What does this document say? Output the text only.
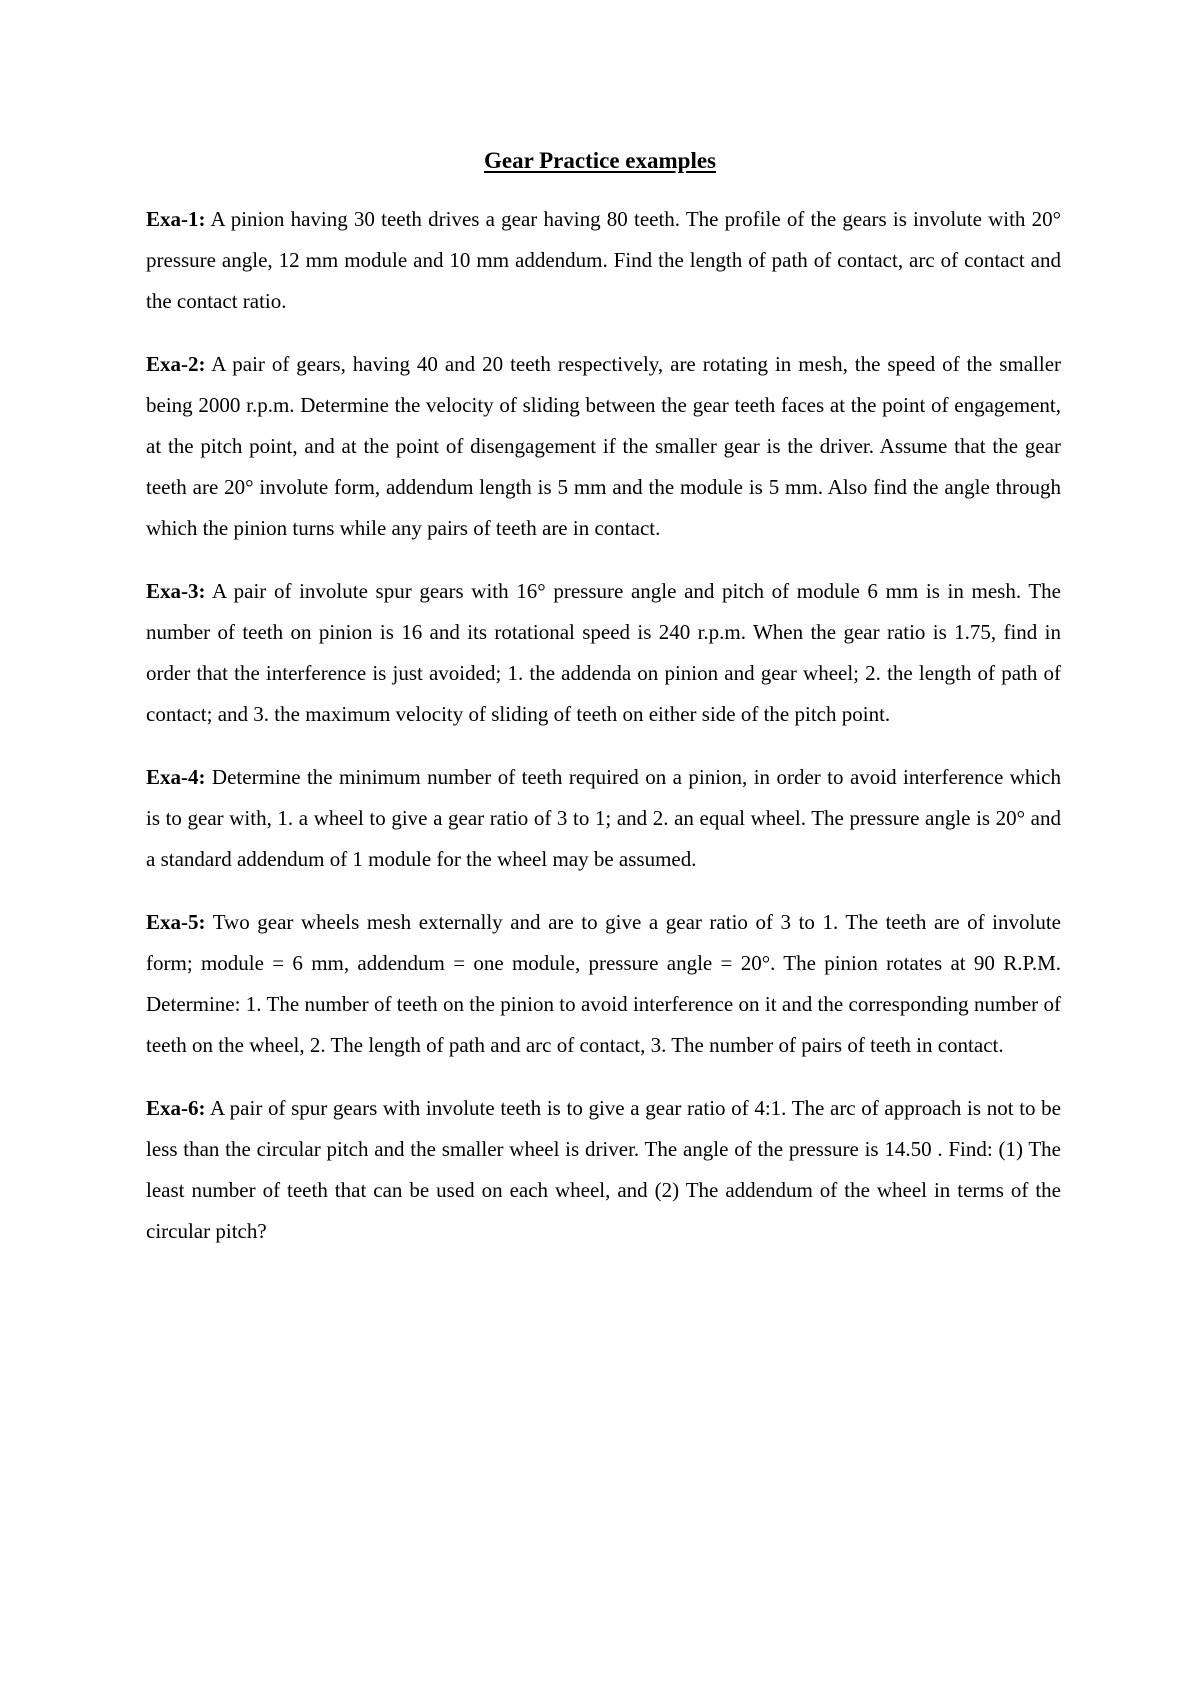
Gear Practice examples

Exa-1: A pinion having 30 teeth drives a gear having 80 teeth. The profile of the gears is involute with 20° pressure angle, 12 mm module and 10 mm addendum. Find the length of path of contact, arc of contact and the contact ratio.

Exa-2: A pair of gears, having 40 and 20 teeth respectively, are rotating in mesh, the speed of the smaller being 2000 r.p.m. Determine the velocity of sliding between the gear teeth faces at the point of engagement, at the pitch point, and at the point of disengagement if the smaller gear is the driver. Assume that the gear teeth are 20° involute form, addendum length is 5 mm and the module is 5 mm. Also find the angle through which the pinion turns while any pairs of teeth are in contact.

Exa-3: A pair of involute spur gears with 16° pressure angle and pitch of module 6 mm is in mesh. The number of teeth on pinion is 16 and its rotational speed is 240 r.p.m. When the gear ratio is 1.75, find in order that the interference is just avoided; 1. the addenda on pinion and gear wheel; 2. the length of path of contact; and 3. the maximum velocity of sliding of teeth on either side of the pitch point.

Exa-4: Determine the minimum number of teeth required on a pinion, in order to avoid interference which is to gear with, 1. a wheel to give a gear ratio of 3 to 1; and 2. an equal wheel. The pressure angle is 20° and a standard addendum of 1 module for the wheel may be assumed.

Exa-5: Two gear wheels mesh externally and are to give a gear ratio of 3 to 1. The teeth are of involute form; module = 6 mm, addendum = one module, pressure angle = 20°. The pinion rotates at 90 R.P.M. Determine: 1. The number of teeth on the pinion to avoid interference on it and the corresponding number of teeth on the wheel, 2. The length of path and arc of contact, 3. The number of pairs of teeth in contact.

Exa-6: A pair of spur gears with involute teeth is to give a gear ratio of 4:1. The arc of approach is not to be less than the circular pitch and the smaller wheel is driver. The angle of the pressure is 14.50 . Find: (1) The least number of teeth that can be used on each wheel, and (2) The addendum of the wheel in terms of the circular pitch?
